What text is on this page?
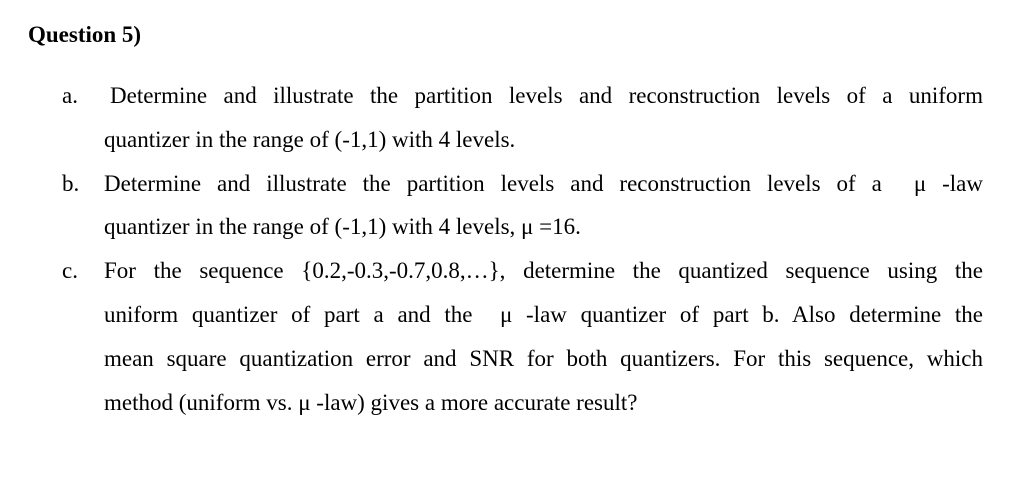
Question 5)
a. Determine and illustrate the partition levels and reconstruction levels of a uniform
quantizer in the range of (-1,1) with 4 levels.
b. Determine and illustrate the partition levels and reconstruction levels of a  μ -law
quantizer in the range of (-1,1) with 4 levels, μ =16.
c. For the sequence {0.2,-0.3,-0.7,0.8,…}, determine the quantized sequence using the
uniform quantizer of part a and the  μ -law quantizer of part b. Also determine the
mean square quantization error and SNR for both quantizers. For this sequence, which
method (uniform vs. μ -law) gives a more accurate result?
